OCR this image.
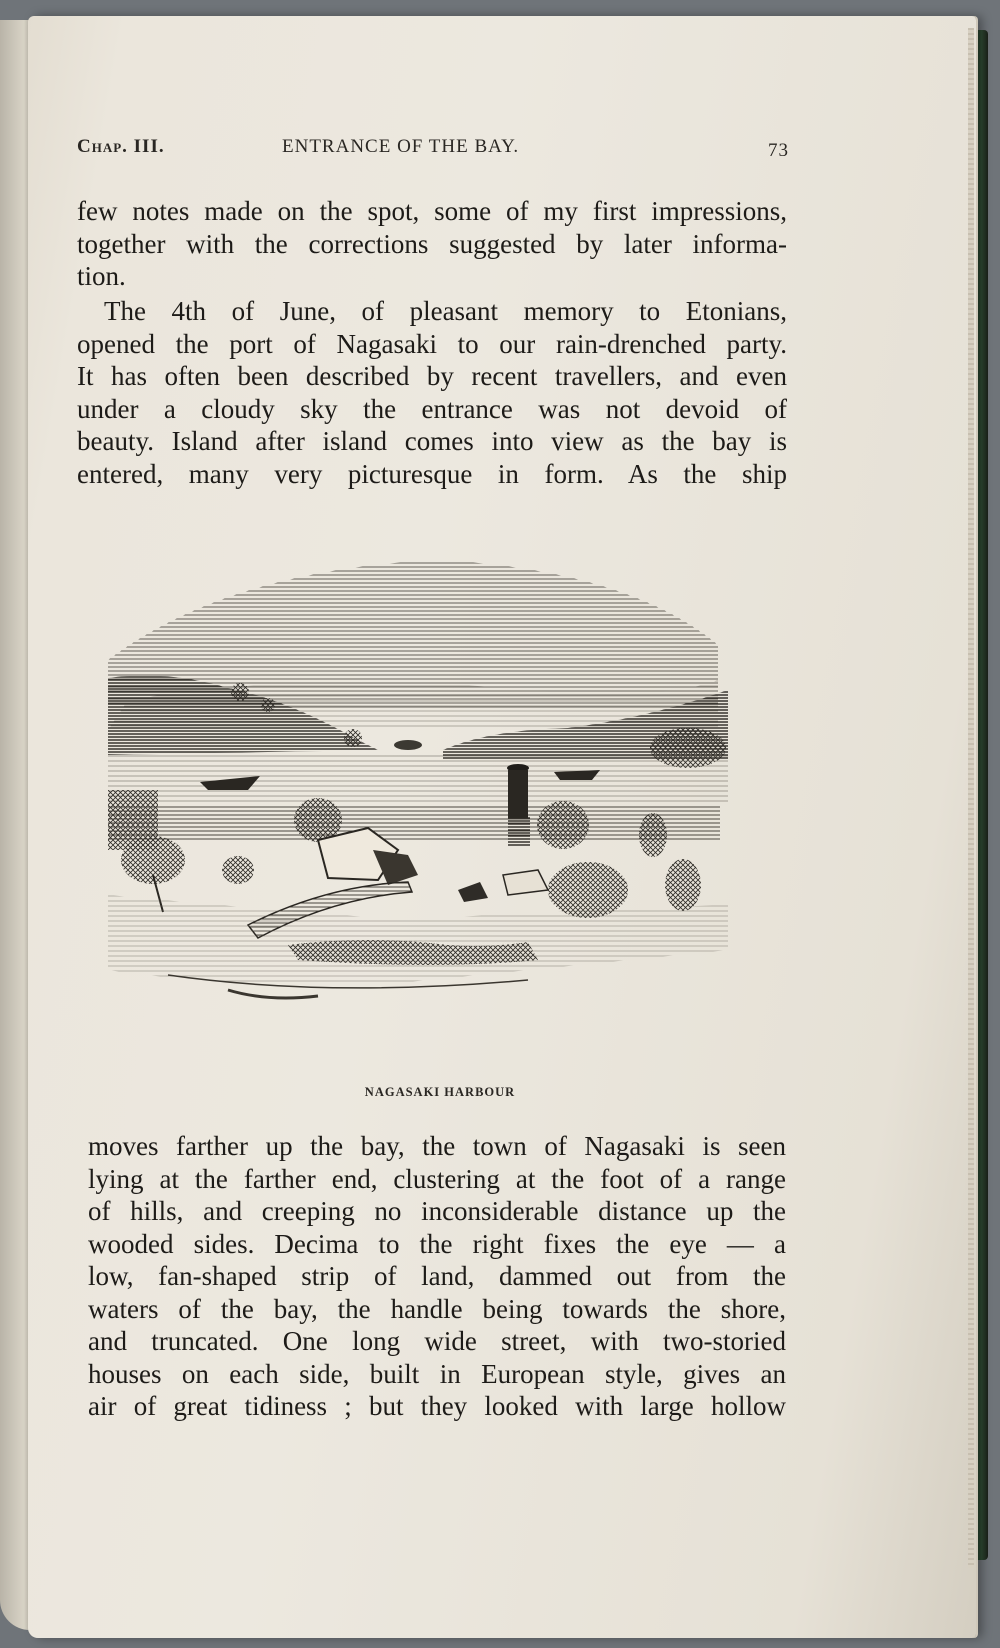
Chap. III.	ENTRANCE OF THE BAY.	73
few notes made on the spot, some of my first impressions,
together with the corrections suggested by later informa-
tion.
The 4th of June, of pleasant memory to Etonians,
opened the port of Nagasaki to our rain-drenched party.
It has often been described by recent travellers, and even
under a cloudy sky the entrance was not devoid of
beauty. Island after island comes into view as the bay is
entered, many very picturesque in form. As the ship
NAGASAKI HARBOUR
moves farther up the bay, the town of Nagasaki is seen
lying at the farther end, clustering at the foot of a range
of hills, and creeping no inconsiderable distance up the
wooded sides. Decima to the right fixes the eye — a
low, fan-shaped strip of land, dammed out from the
waters of the bay, the handle being towards the shore,
and truncated. One long wide street, with two-storied
houses on each side, built in European style, gives an
air of great tidiness ; but they looked with large hollow
